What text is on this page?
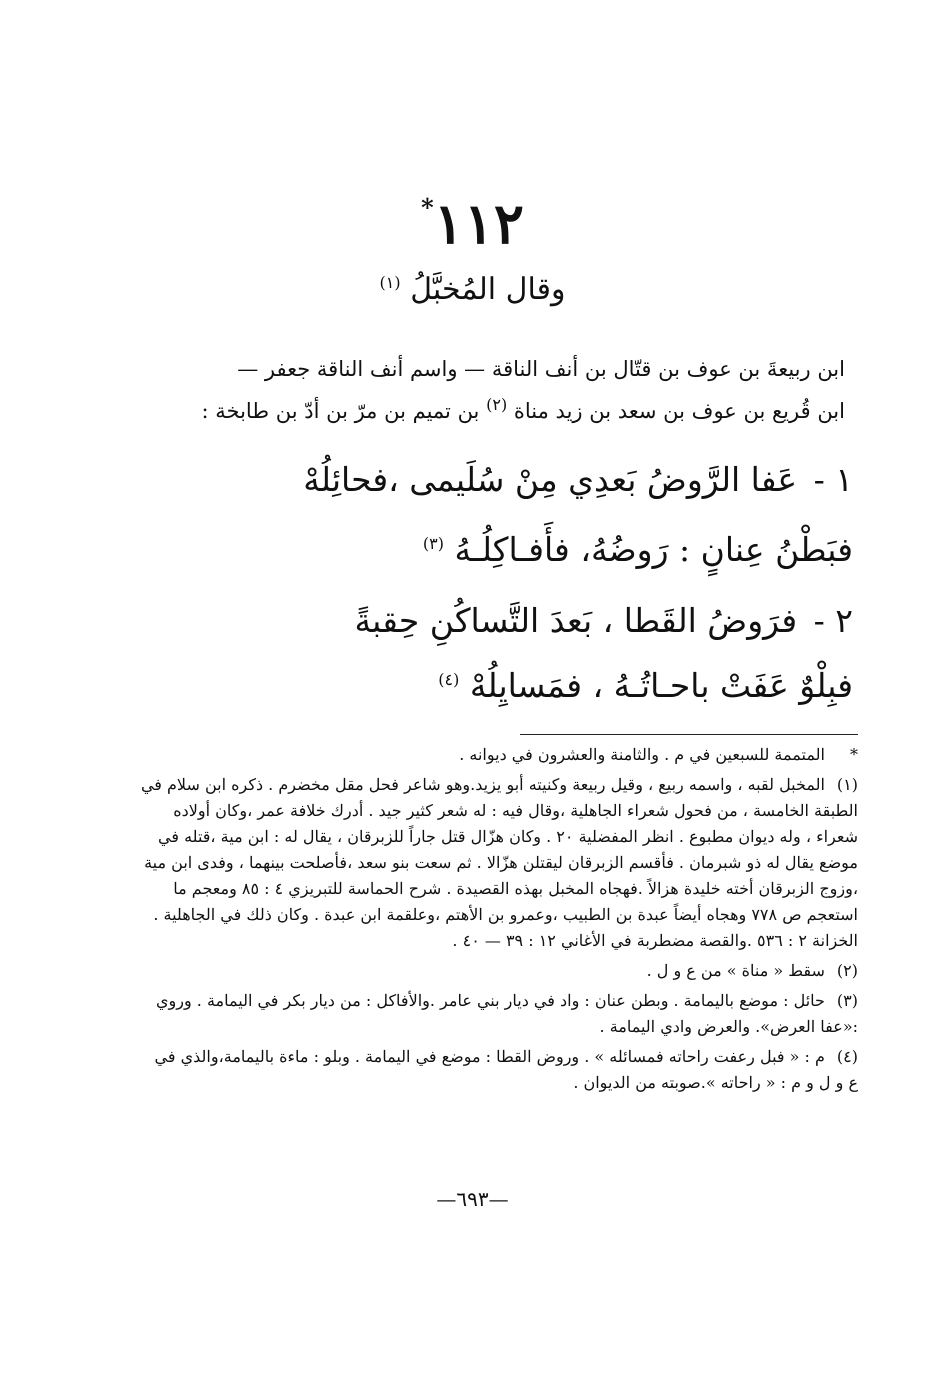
١١٢*
وقال المُخبَّلُ $^{(١)}$
ابن ربيعةَ بن عوف بن قتّال بن أنف الناقة — واسم أنف الناقة جعفر —
ابن قُريع بن عوف بن سعد بن زيد مناة $^{(٢)}$ بن تميم بن مرّ بن أدّ بن طابخة :
١ - عَفا الرَّوضُ بَعدِي مِنْ سُلَيمى ،فحائِلُهْ
فبَطْنُ عِنانٍ : رَوضُهُ، فأَفـاكِلُـهُ $^{(٣)}$
٢ - فرَوضُ القَطا ، بَعدَ التَّساكُنِ حِقبةً
فبِلْوٌ عَفَتْ باحـاتُـهُ ، فمَسايِلُهْ $^{(٤)}$
* المتممة للسبعين في م . والثامنة والعشرون في ديوانه .
(١) المخبل لقبه ، واسمه ربيع ، وقيل ربيعة وكنيته أبو يزيد.وهو شاعر فحل مقل مخضرم . ذكره ابن سلام في الطبقة الخامسة ، من فحول شعراء الجاهلية ،وقال فيه : له شعر كثير جيد . أدرك خلافة عمر ،وكان أولاده شعراء ، وله ديوان مطبوع . انظر المفضلية ٢٠ . وكان هزّال قتل جاراً للزبرقان ، يقال له : ابن مية ،قتله في موضع يقال له ذو شبرمان . فأقسم الزبرقان ليقتلن هزّالا . ثم سعت بنو سعد ،فأصلحت بينهما ، وفدى ابن مية ،وزوج الزبرقان أخته خليدة هزالاً .فهجاه المخبل بهذه القصيدة . شرح الحماسة للتبريزي ٤ : ٨٥ ومعجم ما استعجم ص ٧٧٨ وهجاه أيضاً عبدة بن الطبيب ،وعمرو بن الأهتم ،وعلقمة ابن عبدة . وكان ذلك في الجاهلية . الخزانة ٢ : ٥٣٦ .والقصة مضطربة في الأغاني ١٢ : ٣٩ — ٤٠ .
(٢) سقط « مناة » من ع و ل .
(٣) حائل : موضع باليمامة . وبطن عنان : واد في ديار بني عامر .والأفاكل : من ديار بكر في اليمامة . وروي :«عفا العرض». والعرض وادي اليمامة .
(٤) م : « فبل رعفت راحاته فمسائله » . وروض القطا : موضع في اليمامة . وبلو : ماءة باليمامة،والذي في ع و ل و م : « راحاته ».صوبته من الديوان .
—٦٩٣—
